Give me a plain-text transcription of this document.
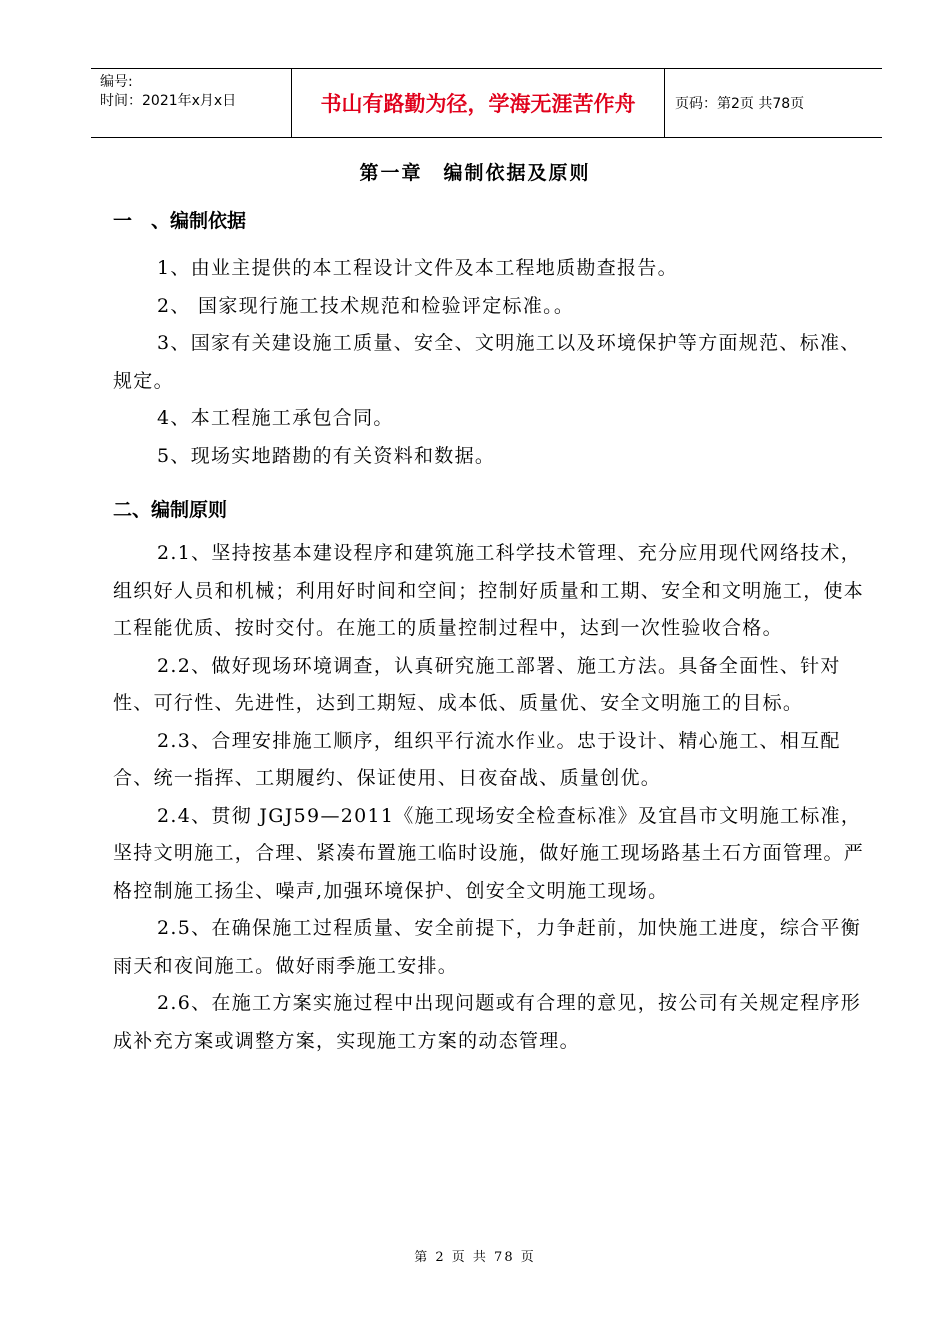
编号:
时间：2021年x月x日	书山有路勤为径，学海无涯苦作舟	页码：第2页 共78页
第一章　编制依据及原则
一　、编制依据

1、由业主提供的本工程设计文件及本工程地质勘查报告。

2、 国家现行施工技术规范和检验评定标准。。

3、国家有关建设施工质量、安全、文明施工以及环境保护等方面规范、标准、规定。

4、本工程施工承包合同。

5、现场实地踏勘的有关资料和数据。

二、编制原则

2.1、坚持按基本建设程序和建筑施工科学技术管理、充分应用现代网络技术，组织好人员和机械；利用好时间和空间；控制好质量和工期、安全和文明施工，使本工程能优质、按时交付。在施工的质量控制过程中，达到一次性验收合格。

2.2、做好现场环境调查，认真研究施工部署、施工方法。具备全面性、针对性、可行性、先进性，达到工期短、成本低、质量优、安全文明施工的目标。

2.3、合理安排施工顺序，组织平行流水作业。忠于设计、精心施工、相互配合、统一指挥、工期履约、保证使用、日夜奋战、质量创优。

2.4、贯彻 JGJ59—2011《施工现场安全检查标准》及宜昌市文明施工标准，坚持文明施工，合理、紧凑布置施工临时设施，做好施工现场路基土石方面管理。严格控制施工扬尘、噪声,加强环境保护、创安全文明施工现场。

2.5、在确保施工过程质量、安全前提下，力争赶前，加快施工进度，综合平衡雨天和夜间施工。做好雨季施工安排。

2.6、在施工方案实施过程中出现问题或有合理的意见，按公司有关规定程序形成补充方案或调整方案，实现施工方案的动态管理。

第 2 页 共 78 页
